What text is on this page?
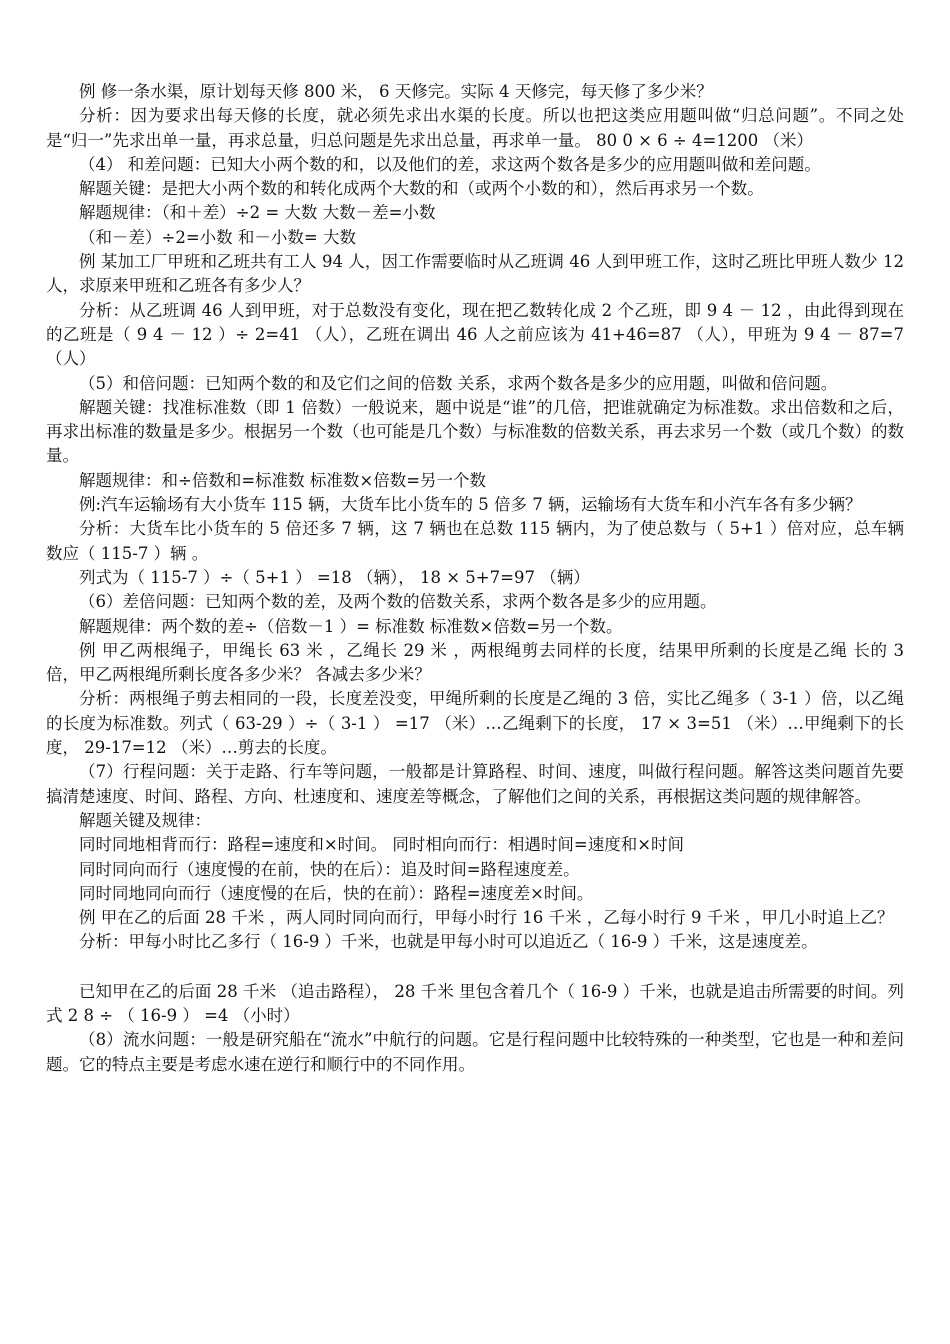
例 修一条水渠，原计划每天修 800 米， 6 天修完。实际 4 天修完，每天修了多少米？

分析：因为要求出每天修的长度，就必须先求出水渠的长度。所以也把这类应用题叫做“归总问题”。不同之处是“归一”先求出单一量，再求总量，归总问题是先求出总量，再求单一量。 80 0 × 6 ÷ 4=1200 （米）

（4） 和差问题：已知大小两个数的和，以及他们的差，求这两个数各是多少的应用题叫做和差问题。

解题关键：是把大小两个数的和转化成两个大数的和（或两个小数的和），然后再求另一个数。

解题规律：（和＋差）÷2 = 大数 大数－差=小数

（和－差）÷2=小数 和－小数= 大数

例 某加工厂甲班和乙班共有工人 94 人，因工作需要临时从乙班调 46 人到甲班工作，这时乙班比甲班人数少 12 人，求原来甲班和乙班各有多少人？

分析：从乙班调 46 人到甲班，对于总数没有变化，现在把乙数转化成 2 个乙班，即 9 4 － 12 ，由此得到现在的乙班是（ 9 4 － 12 ）÷ 2=41 （人），乙班在调出 46 人之前应该为 41+46=87 （人），甲班为 9 4 － 87=7 （人）

（5）和倍问题：已知两个数的和及它们之间的倍数 关系，求两个数各是多少的应用题，叫做和倍问题。

解题关键：找准标准数（即 1 倍数）一般说来，题中说是“谁”的几倍，把谁就确定为标准数。求出倍数和之后，再求出标准的数量是多少。根据另一个数（也可能是几个数）与标准数的倍数关系，再去求另一个数（或几个数）的数量。

解题规律：和÷倍数和=标准数 标准数×倍数=另一个数

例:汽车运输场有大小货车 115 辆，大货车比小货车的 5 倍多 7 辆，运输场有大货车和小汽车各有多少辆？

分析：大货车比小货车的 5 倍还多 7 辆，这 7 辆也在总数 115 辆内，为了使总数与（ 5+1 ）倍对应，总车辆数应（ 115-7 ）辆 。

列式为（ 115-7 ）÷（ 5+1 ） =18 （辆）， 18 × 5+7=97 （辆）

（6）差倍问题：已知两个数的差，及两个数的倍数关系，求两个数各是多少的应用题。

解题规律：两个数的差÷（倍数－1 ）= 标准数 标准数×倍数=另一个数。

例 甲乙两根绳子，甲绳长 63 米 ，乙绳长 29 米 ，两根绳剪去同样的长度，结果甲所剩的长度是乙绳 长的 3 倍，甲乙两根绳所剩长度各多少米？ 各减去多少米？

分析：两根绳子剪去相同的一段，长度差没变，甲绳所剩的长度是乙绳的 3 倍，实比乙绳多（ 3-1 ）倍，以乙绳的长度为标准数。列式（ 63-29 ）÷（ 3-1 ） =17 （米）…乙绳剩下的长度， 17 × 3=51 （米）…甲绳剩下的长度， 29-17=12 （米）…剪去的长度。

（7）行程问题：关于走路、行车等问题，一般都是计算路程、时间、速度，叫做行程问题。解答这类问题首先要搞清楚速度、时间、路程、方向、杜速度和、速度差等概念，了解他们之间的关系，再根据这类问题的规律解答。

解题关键及规律：

同时同地相背而行：路程=速度和×时间。 同时相向而行：相遇时间=速度和×时间

同时同向而行（速度慢的在前，快的在后）：追及时间=路程速度差。

同时同地同向而行（速度慢的在后，快的在前）：路程=速度差×时间。

例 甲在乙的后面 28 千米 ，两人同时同向而行，甲每小时行 16 千米 ，乙每小时行 9 千米 ，甲几小时追上乙？

分析：甲每小时比乙多行（ 16-9 ）千米，也就是甲每小时可以追近乙（ 16-9 ）千米，这是速度差。

已知甲在乙的后面 28 千米 （追击路程）， 28 千米 里包含着几个（ 16-9 ）千米，也就是追击所需要的时间。列式 2 8 ÷ （ 16-9 ） =4 （小时）

（8）流水问题：一般是研究船在“流水”中航行的问题。它是行程问题中比较特殊的一种类型，它也是一种和差问题。它的特点主要是考虑水速在逆行和顺行中的不同作用。
